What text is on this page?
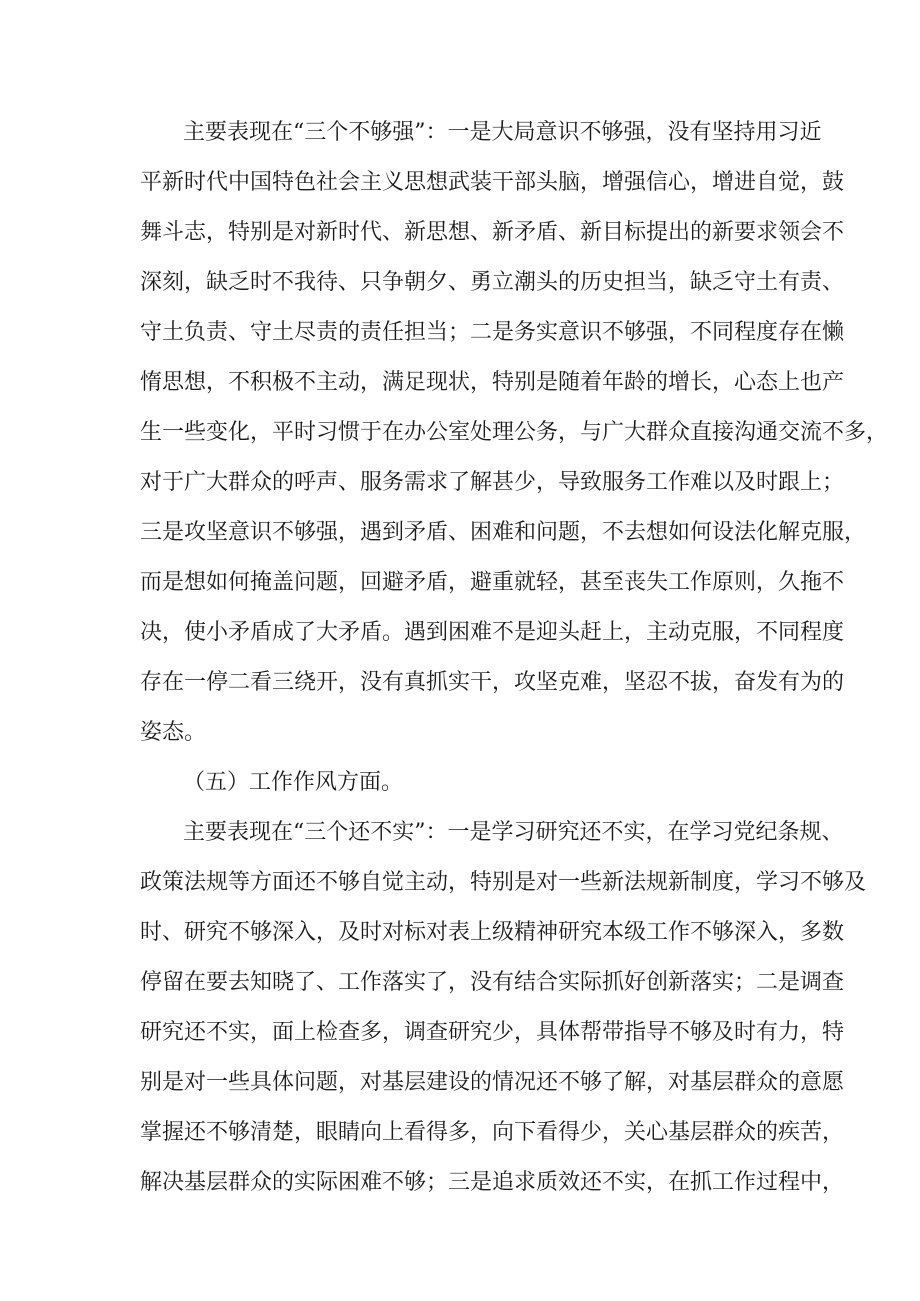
主要表现在“三个不够强”：一是大局意识不够强，没有坚持用习近
平新时代中国特色社会主义思想武装干部头脑，增强信心，增进自觉，鼓
舞斗志，特别是对新时代、新思想、新矛盾、新目标提出的新要求领会不
深刻，缺乏时不我待、只争朝夕、勇立潮头的历史担当，缺乏守土有责、
守土负责、守土尽责的责任担当；二是务实意识不够强，不同程度存在懒
惰思想，不积极不主动，满足现状，特别是随着年龄的增长，心态上也产
生一些变化，平时习惯于在办公室处理公务，与广大群众直接沟通交流不多，
对于广大群众的呼声、服务需求了解甚少，导致服务工作难以及时跟上；
三是攻坚意识不够强，遇到矛盾、困难和问题，不去想如何设法化解克服，
而是想如何掩盖问题，回避矛盾，避重就轻，甚至丧失工作原则，久拖不
决，使小矛盾成了大矛盾。遇到困难不是迎头赶上，主动克服，不同程度
存在一停二看三绕开，没有真抓实干，攻坚克难，坚忍不拔，奋发有为的
姿态。
（五）工作作风方面。
主要表现在“三个还不实”：一是学习研究还不实，在学习党纪条规、
政策法规等方面还不够自觉主动，特别是对一些新法规新制度，学习不够及
时、研究不够深入，及时对标对表上级精神研究本级工作不够深入，多数
停留在要去知晓了、工作落实了，没有结合实际抓好创新落实；二是调查
研究还不实，面上检查多，调查研究少，具体帮带指导不够及时有力，特
别是对一些具体问题，对基层建设的情况还不够了解，对基层群众的意愿
掌握还不够清楚，眼睛向上看得多，向下看得少，关心基层群众的疾苦，
解决基层群众的实际困难不够；三是追求质效还不实，在抓工作过程中，
